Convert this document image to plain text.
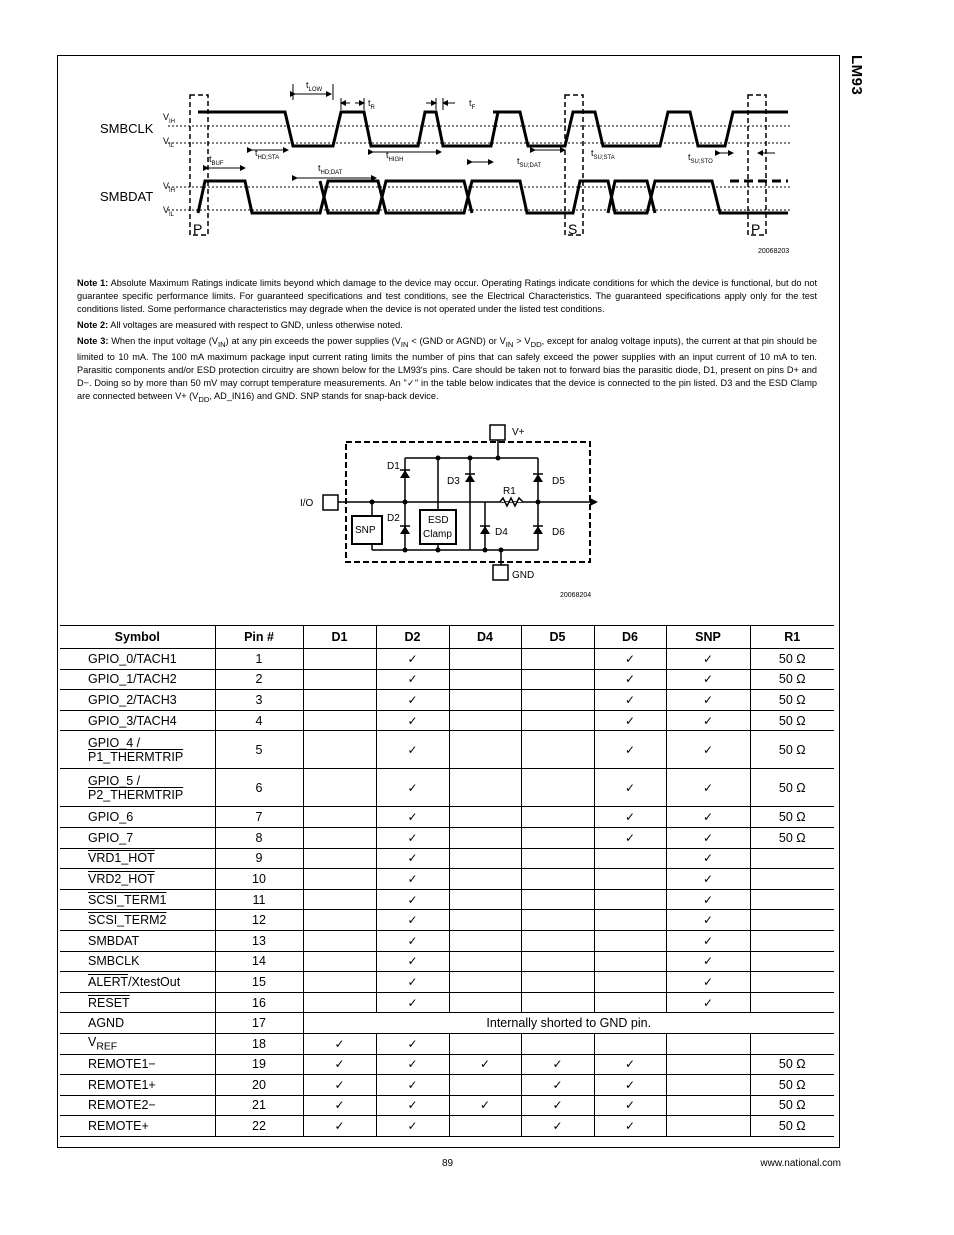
LM93
SMBCLK
SMBDAT
$V_{IH}$
$V_{IL}$
$V_{IH}$
$V_{IL}$
$t_{LOW}$
$t_R$	$t_F$
$t_{BUF}$
$t_{HD;STA}$
$t_{HD;DAT}$
$t_{HIGH}$	$t_{SU;DAT}$
$t_{SU;STA}$	$t_{SU;STO}$
P	S	P
20068203

Note 1: Absolute Maximum Ratings indicate limits beyond which damage to the device may occur. Operating Ratings indicate conditions for which the device is functional, but do not guarantee specific performance limits. For guaranteed specifications and test conditions, see the Electrical Characteristics. The guaranteed specifications apply only for the test conditions listed. Some performance characteristics may degrade when the device is not operated under the listed test conditions.

Note 2: All voltages are measured with respect to GND, unless otherwise noted.

Note 3: When the input voltage $(V_{IN})$ at any pin exceeds the power supplies ($V_{IN} < (GND$ or AGND) or $V_{IN} > V_{DD}$, except for analog voltage inputs), the current at that pin should be limited to 10 mA. The 100 mA maximum package input current rating limits the number of pins that can safely exceed the power supplies with an input current of 10 mA to ten. Parasitic components and/or ESD protection circuitry are shown below for the LM93's pins. Care should be taken not to forward bias the parasitic diode, D1, present on pins D+ and D−. Doing so by more than 50 mV may corrupt temperature measurements. An "✓" in the table below indicates that the device is connected to the pin listed. D3 and the ESD Clamp are connected between $V+ (V_{DD}$, AD_IN16) and GND. SNP stands for snap-back device.

V+
GND
I/O
D1
D2
D3
D4
D5
D6
R1
SNP
ESD
Clamp
20068204
Symbol	Pin #	D1	D2	D4	D5	D6	SNP	R1
GPIO_0/TACH1	1		✓			✓	✓	50 Ω
GPIO_1/TACH2	2		✓			✓	✓	50 Ω
GPIO_2/TACH3	3		✓			✓	✓	50 Ω
GPIO_3/TACH4	4		✓			✓	✓	50 Ω
GPIO_4 /
P1_THERMTRIP	5		✓			✓	✓	50 Ω
GPIO_5 /
P2_THERMTRIP	6		✓			✓	✓	50 Ω
GPIO_6	7		✓			✓	✓	50 Ω
GPIO_7	8		✓			✓	✓	50 Ω
VRD1_HOT	9		✓				✓	
VRD2_HOT	10		✓				✓	
SCSI_TERM1	11		✓				✓	
SCSI_TERM2	12		✓				✓	
SMBDAT	13		✓				✓	
SMBCLK	14		✓				✓	
ALERT/XtestOut	15		✓				✓	
RESET	16		✓				✓	
AGND	17	Internally shorted to GND pin.						
$V_{REF}$	18	✓	✓					
REMOTE1−	19	✓	✓	✓	✓	✓		50 Ω
REMOTE1+	20	✓	✓		✓	✓		50 Ω
REMOTE2−	21	✓	✓	✓	✓	✓		50 Ω
REMOTE+	22	✓	✓		✓	✓		50 Ω
89	www.national.com
